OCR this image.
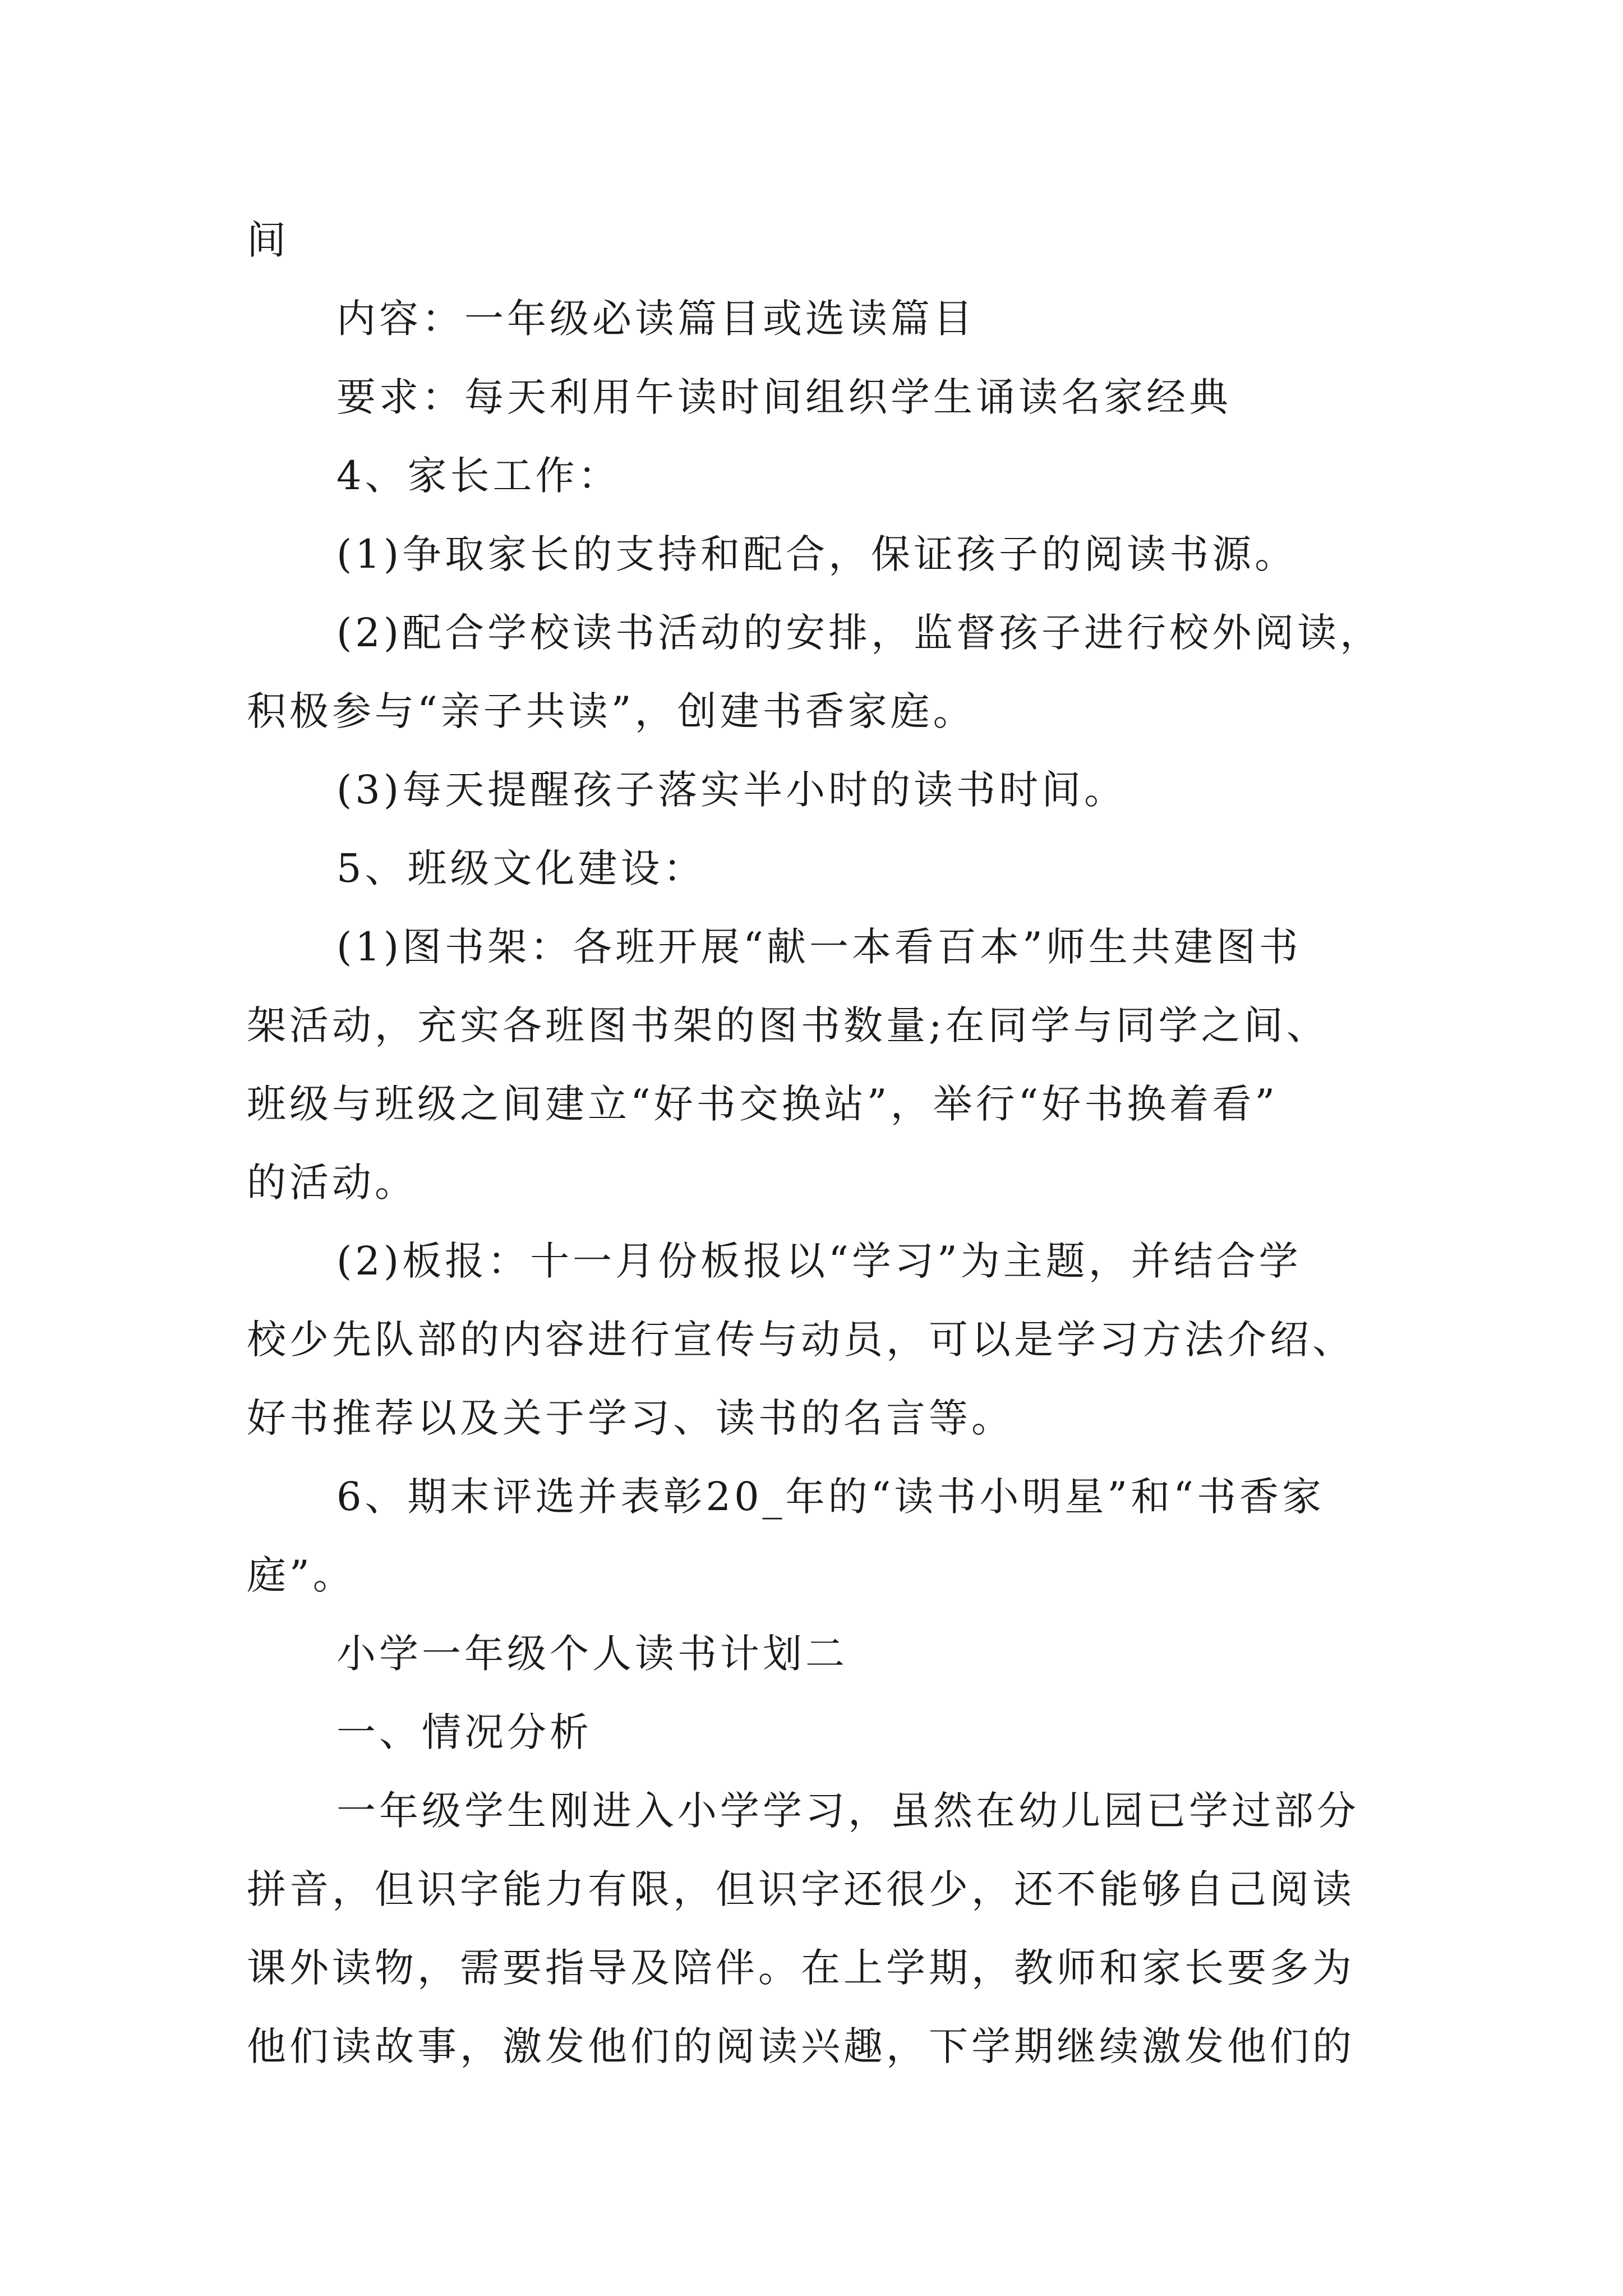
间
内容：一年级必读篇目或选读篇目
要求：每天利用午读时间组织学生诵读名家经典
4、家长工作：
(1)争取家长的支持和配合，保证孩子的阅读书源。
(2)配合学校读书活动的安排，监督孩子进行校外阅读，
积极参与“亲子共读”，创建书香家庭。
(3)每天提醒孩子落实半小时的读书时间。
5、班级文化建设：
(1)图书架：各班开展“献一本看百本”师生共建图书
架活动，充实各班图书架的图书数量;在同学与同学之间、
班级与班级之间建立“好书交换站”，举行“好书换着看”
的活动。
(2)板报：十一月份板报以“学习”为主题，并结合学
校少先队部的内容进行宣传与动员，可以是学习方法介绍、
好书推荐以及关于学习、读书的名言等。
6、期末评选并表彰20_年的“读书小明星”和“书香家
庭”。
小学一年级个人读书计划二
一、情况分析
一年级学生刚进入小学学习，虽然在幼儿园已学过部分
拼音，但识字能力有限，但识字还很少，还不能够自己阅读
课外读物，需要指导及陪伴。在上学期，教师和家长要多为
他们读故事，激发他们的阅读兴趣，下学期继续激发他们的
